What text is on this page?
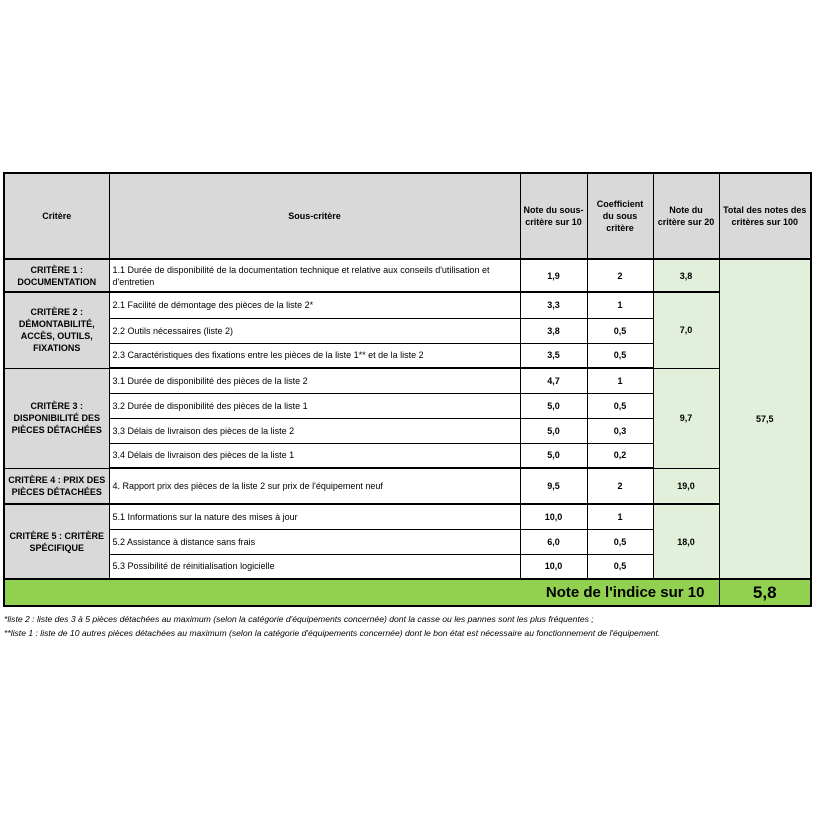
Critère	Sous-critère	Note du sous-critère sur 10	Coefficient du sous critère	Note du critère sur 20	Total des notes des critères sur 100
CRITÈRE 1 : DOCUMENTATION	1.1 Durée de disponibilité de la documentation technique et relative aux conseils d'utilisation et d'entretien	1,9	2	3,8	57,5
CRITÈRE 2 : DÉMONTABILITÉ, ACCÈS, OUTILS, FIXATIONS	2.1 Facilité de démontage des pièces de la liste 2*	3,3	1	7,0	
	2.2 Outils nécessaires (liste 2)	3,8	0,5		
	2.3 Caractéristiques des fixations entre les pièces de la liste 1** et de la liste 2	3,5	0,5		
CRITÈRE 3 : DISPONIBILITÉ DES PIÈCES DÉTACHÉES	3.1 Durée de disponibilité des pièces de la liste 2	4,7	1	9,7	
	3.2 Durée de disponibilité des pièces de la liste 1	5,0	0,5		
	3.3 Délais de livraison des pièces de la liste 2	5,0	0,3		
	3.4 Délais de livraison des pièces de la liste 1	5,0	0,2		
CRITÈRE 4 : PRIX DES PIÈCES DÉTACHÉES	4. Rapport prix des pièces de la liste 2 sur prix de l'équipement neuf	9,5	2	19,0	
CRITÈRE 5 : CRITÈRE SPÉCIFIQUE	5.1 Informations sur la nature des mises à jour	10,0	1	18,0	
	5.2 Assistance à distance sans frais	6,0	0,5		
	5.3 Possibilité de réinitialisation logicielle	10,0	0,5		
Note de l'indice sur 10					5,8
*liste 2 : liste des 3 à 5 pièces détachées au maximum (selon la catégorie d'équipements concernée) dont la casse ou les pannes sont les plus fréquentes ;
**liste 1 : liste de 10 autres pièces détachées au maximum (selon la catégorie d'équipements concernée) dont le bon état est nécessaire au fonctionnement de l'équipement.
